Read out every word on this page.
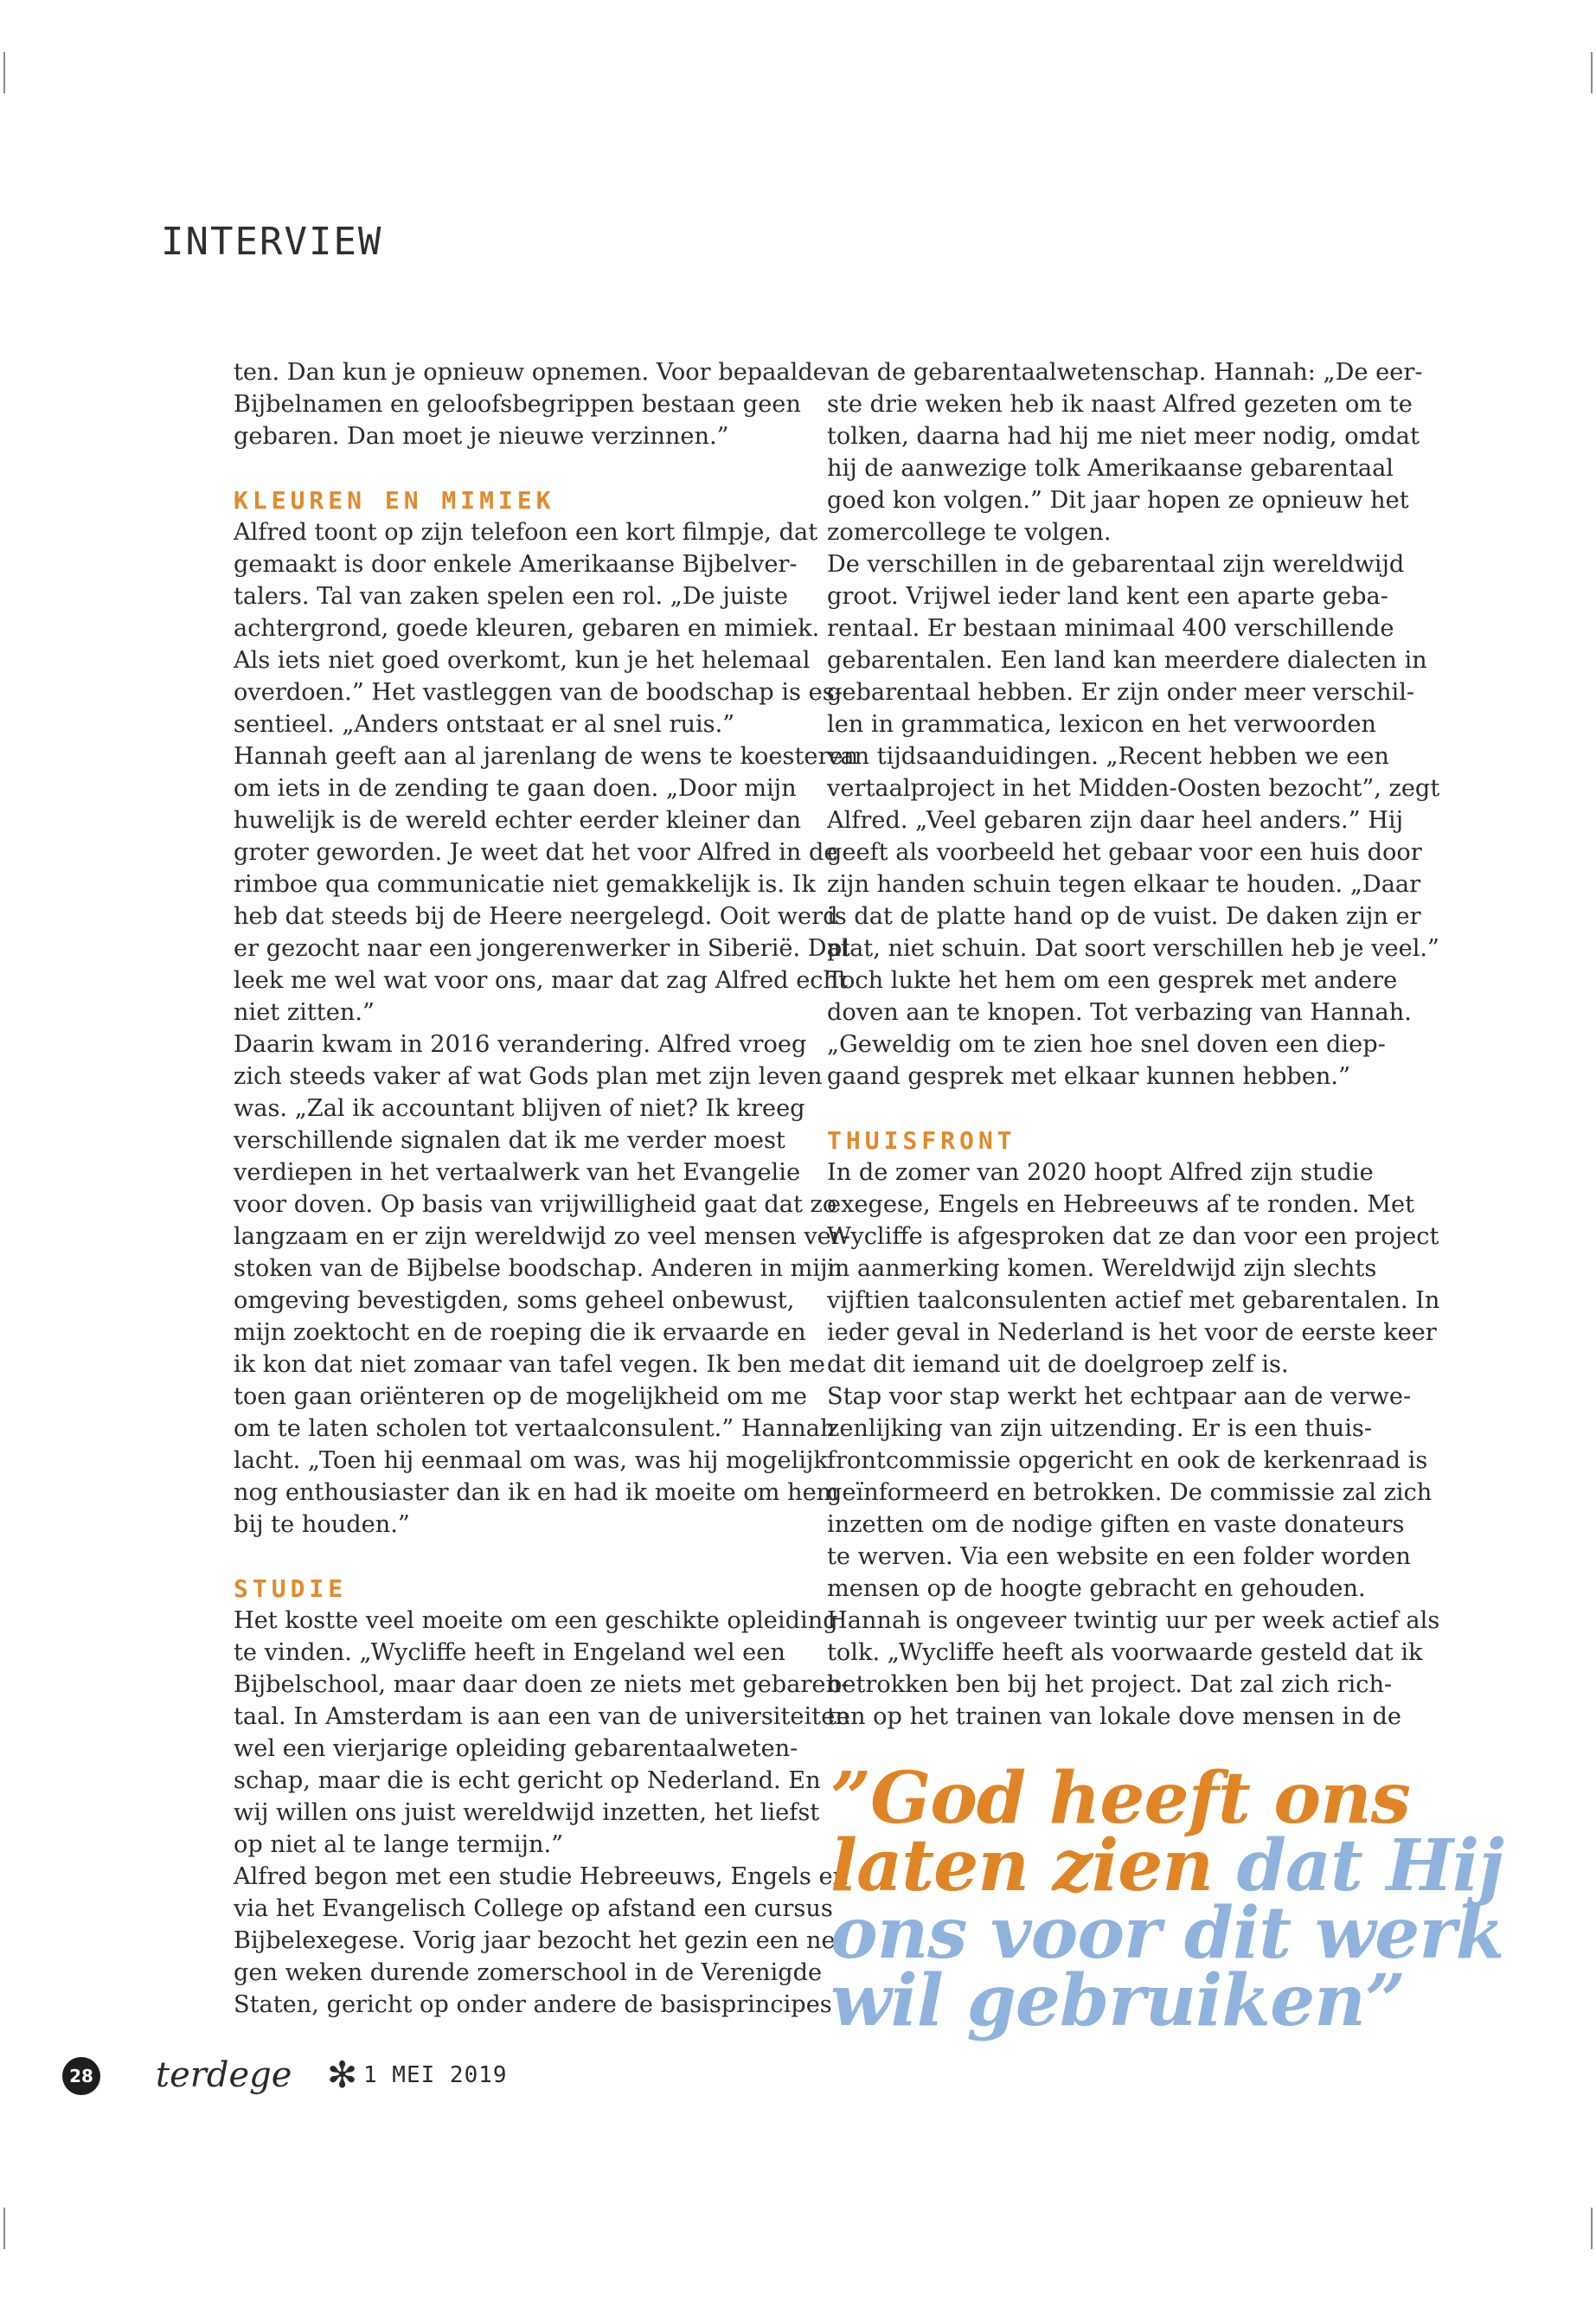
INTERVIEW

ten. Dan kun je opnieuw opnemen. Voor bepaalde
Bijbelnamen en geloofsbegrippen bestaan geen
gebaren. Dan moet je nieuwe verzinnen.”

KLEUREN EN MIMIEK

Alfred toont op zijn telefoon een kort filmpje, dat
gemaakt is door enkele Amerikaanse Bijbelver-
talers. Tal van zaken spelen een rol. „De juiste
achtergrond, goede kleuren, gebaren en mimiek.
Als iets niet goed overkomt, kun je het helemaal
overdoen.” Het vastleggen van de boodschap is es-
sentieel. „Anders ontstaat er al snel ruis.”
Hannah geeft aan al jarenlang de wens te koesteren
om iets in de zending te gaan doen. „Door mijn
huwelijk is de wereld echter eerder kleiner dan
groter geworden. Je weet dat het voor Alfred in de
rimboe qua communicatie niet gemakkelijk is. Ik
heb dat steeds bij de Heere neergelegd. Ooit werd
er gezocht naar een jongerenwerker in Siberië. Dat
leek me wel wat voor ons, maar dat zag Alfred echt
niet zitten.”
Daarin kwam in 2016 verandering. Alfred vroeg
zich steeds vaker af wat Gods plan met zijn leven
was. „Zal ik accountant blijven of niet? Ik kreeg
verschillende signalen dat ik me verder moest
verdiepen in het vertaalwerk van het Evangelie
voor doven. Op basis van vrijwilligheid gaat dat zo
langzaam en er zijn wereldwijd zo veel mensen ver-
stoken van de Bijbelse boodschap. Anderen in mijn
omgeving bevestigden, soms geheel onbewust,
mijn zoektocht en de roeping die ik ervaarde en
ik kon dat niet zomaar van tafel vegen. Ik ben me
toen gaan oriënteren op de mogelijkheid om me
om te laten scholen tot vertaalconsulent.” Hannah
lacht. „Toen hij eenmaal om was, was hij mogelijk
nog enthousiaster dan ik en had ik moeite om hem
bij te houden.”

STUDIE

Het kostte veel moeite om een geschikte opleiding
te vinden. „Wycliffe heeft in Engeland wel een
Bijbelschool, maar daar doen ze niets met gebaren-
taal. In Amsterdam is aan een van de universiteiten
wel een vierjarige opleiding gebarentaalweten-
schap, maar die is echt gericht op Nederland. En
wij willen ons juist wereldwijd inzetten, het liefst
op niet al te lange termijn.”
Alfred begon met een studie Hebreeuws, Engels en
via het Evangelisch College op afstand een cursus
Bijbelexegese. Vorig jaar bezocht het gezin een ne-
gen weken durende zomerschool in de Verenigde
Staten, gericht op onder andere de basisprincipes

van de gebarentaalwetenschap. Hannah: „De eer-
ste drie weken heb ik naast Alfred gezeten om te
tolken, daarna had hij me niet meer nodig, omdat
hij de aanwezige tolk Amerikaanse gebarentaal
goed kon volgen.” Dit jaar hopen ze opnieuw het
zomercollege te volgen.
De verschillen in de gebarentaal zijn wereldwijd
groot. Vrijwel ieder land kent een aparte geba-
rentaal. Er bestaan minimaal 400 verschillende
gebarentalen. Een land kan meerdere dialecten in
gebarentaal hebben. Er zijn onder meer verschil-
len in grammatica, lexicon en het verwoorden
van tijdsaanduidingen. „Recent hebben we een
vertaalproject in het Midden-Oosten bezocht”, zegt
Alfred. „Veel gebaren zijn daar heel anders.” Hij
geeft als voorbeeld het gebaar voor een huis door
zijn handen schuin tegen elkaar te houden. „Daar
is dat de platte hand op de vuist. De daken zijn er
plat, niet schuin. Dat soort verschillen heb je veel.”
Toch lukte het hem om een gesprek met andere
doven aan te knopen. Tot verbazing van Hannah.
„Geweldig om te zien hoe snel doven een diep-
gaand gesprek met elkaar kunnen hebben.”

THUISFRONT

In de zomer van 2020 hoopt Alfred zijn studie
exegese, Engels en Hebreeuws af te ronden. Met
Wycliffe is afgesproken dat ze dan voor een project
in aanmerking komen. Wereldwijd zijn slechts
vijftien taalconsulenten actief met gebarentalen. In
ieder geval in Nederland is het voor de eerste keer
dat dit iemand uit de doelgroep zelf is.
Stap voor stap werkt het echtpaar aan de verwe-
zenlijking van zijn uitzending. Er is een thuis-
frontcommissie opgericht en ook de kerkenraad is
geïnformeerd en betrokken. De commissie zal zich
inzetten om de nodige giften en vaste donateurs
te werven. Via een website en een folder worden
mensen op de hoogte gebracht en gehouden.
Hannah is ongeveer twintig uur per week actief als
tolk. „Wycliffe heeft als voorwaarde gesteld dat ik
betrokken ben bij het project. Dat zal zich rich-
ten op het trainen van lokale dove mensen in de

”God heeft ons
laten zien dat Hij
ons voor dit werk
wil gebruiken”
28 terdege ✻ 1 MEI 2019
